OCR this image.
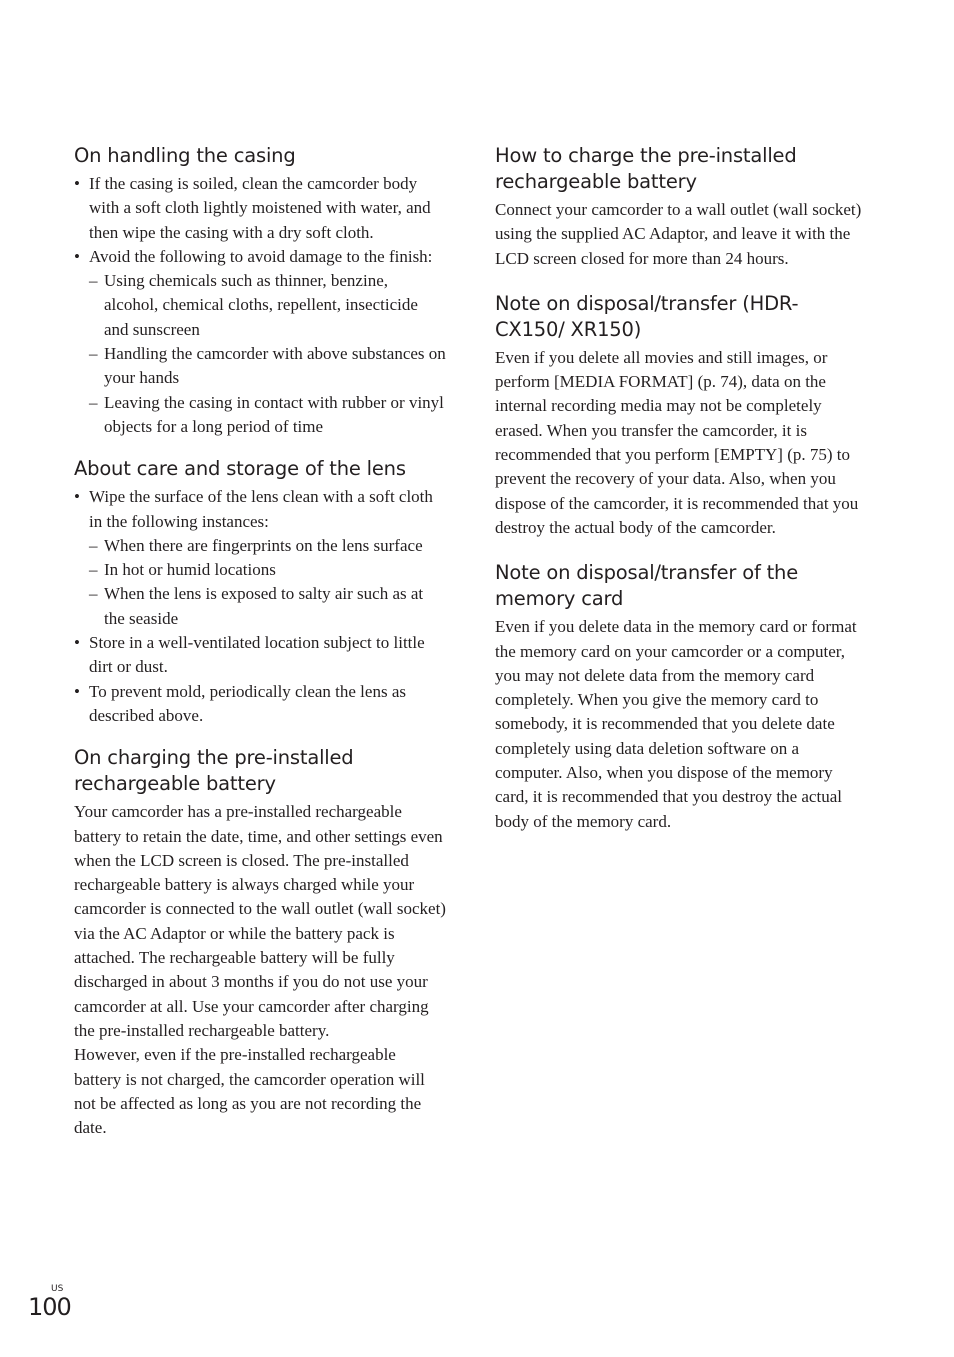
On handling the casing
• If the casing is soiled, clean the camcorder body with a soft cloth lightly moistened with water, and then wipe the casing with a dry soft cloth.
• Avoid the following to avoid damage to the finish:
– Using chemicals such as thinner, benzine, alcohol, chemical cloths, repellent, insecticide and sunscreen
– Handling the camcorder with above substances on your hands
– Leaving the casing in contact with rubber or vinyl objects for a long period of time
About care and storage of the lens
• Wipe the surface of the lens clean with a soft cloth in the following instances:
– When there are fingerprints on the lens surface
– In hot or humid locations
– When the lens is exposed to salty air such as at the seaside
• Store in a well-ventilated location subject to little dirt or dust.
• To prevent mold, periodically clean the lens as described above.
On charging the pre-installed rechargeable battery

Your camcorder has a pre-installed rechargeable battery to retain the date, time, and other settings even when the LCD screen is closed. The pre-installed rechargeable battery is always charged while your camcorder is connected to the wall outlet (wall socket) via the AC Adaptor or while the battery pack is attached. The rechargeable battery will be fully discharged in about 3 months if you do not use your camcorder at all. Use your camcorder after charging the pre-installed rechargeable battery.

However, even if the pre-installed rechargeable battery is not charged, the camcorder operation will not be affected as long as you are not recording the date.

How to charge the pre-installed rechargeable battery

Connect your camcorder to a wall outlet (wall socket) using the supplied AC Adaptor, and leave it with the LCD screen closed for more than 24 hours.

Note on disposal/transfer (HDR-CX150/ XR150)

Even if you delete all movies and still images, or perform [MEDIA FORMAT] (p. 74), data on the internal recording media may not be completely erased. When you transfer the camcorder, it is recommended that you perform [EMPTY] (p. 75) to prevent the recovery of your data. Also, when you dispose of the camcorder, it is recommended that you destroy the actual body of the camcorder.

Note on disposal/transfer of the memory card

Even if you delete data in the memory card or format the memory card on your camcorder or a computer, you may not delete data from the memory card completely. When you give the memory card to somebody, it is recommended that you delete date completely using data deletion software on a computer. Also, when you dispose of the memory card, it is recommended that you destroy the actual body of the memory card.

US
100
